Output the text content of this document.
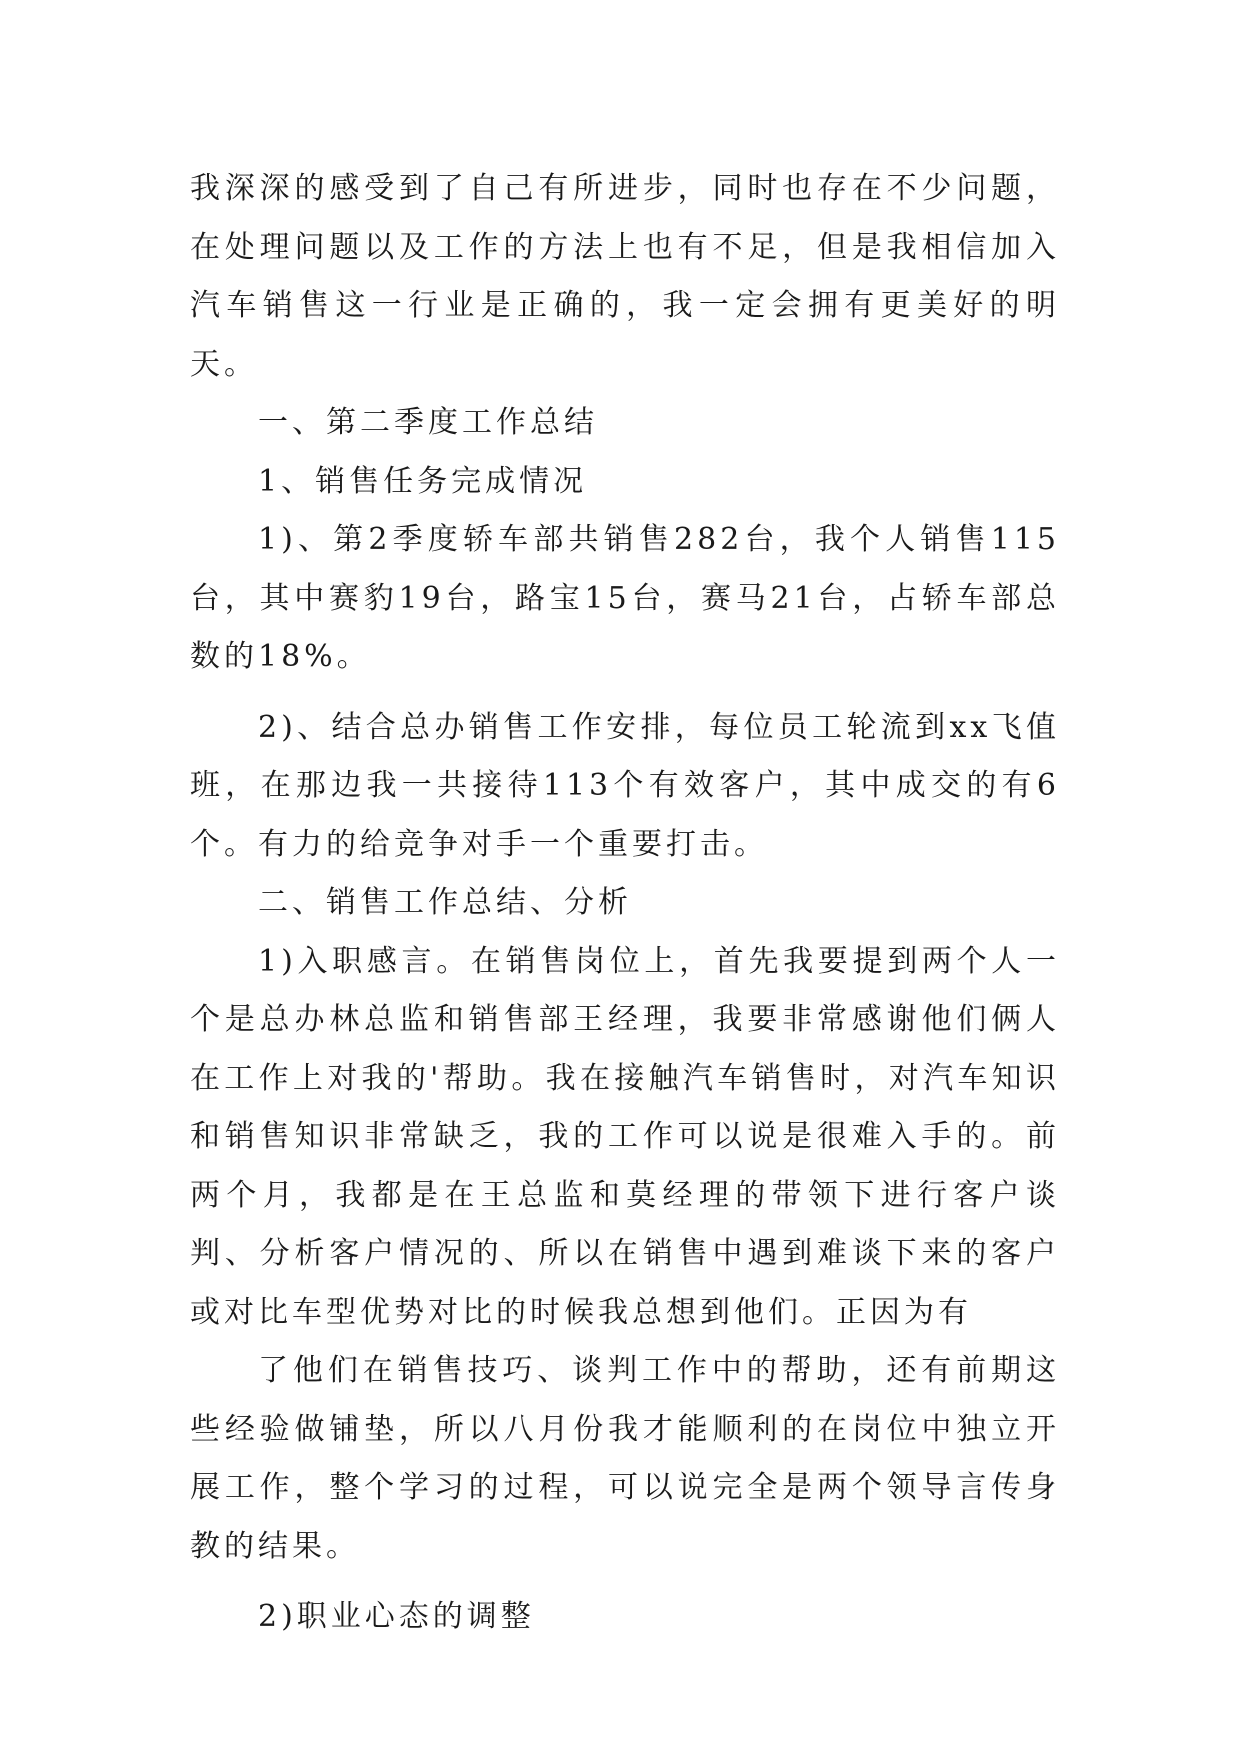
我深深的感受到了自己有所进步，同时也存在不少问题，在处理问题以及工作的方法上也有不足，但是我相信加入汽车销售这一行业是正确的，我一定会拥有更美好的明天。

一、第二季度工作总结

1、销售任务完成情况

1)、第2季度轿车部共销售282台，我个人销售115台，其中赛豹19台，路宝15台，赛马21台，占轿车部总数的18%。

2)、结合总办销售工作安排，每位员工轮流到xx飞值班，在那边我一共接待113个有效客户，其中成交的有6个。有力的给竞争对手一个重要打击。

二、销售工作总结、分析

1)入职感言。在销售岗位上，首先我要提到两个人一个是总办林总监和销售部王经理，我要非常感谢他们俩人在工作上对我的'帮助。我在接触汽车销售时，对汽车知识和销售知识非常缺乏，我的工作可以说是很难入手的。前两个月，我都是在王总监和莫经理的带领下进行客户谈判、分析客户情况的、所以在销售中遇到难谈下来的客户或对比车型优势对比的时候我总想到他们。正因为有

了他们在销售技巧、谈判工作中的帮助，还有前期这些经验做铺垫，所以八月份我才能顺利的在岗位中独立开展工作，整个学习的过程，可以说完全是两个领导言传身教的结果。

2)职业心态的调整
